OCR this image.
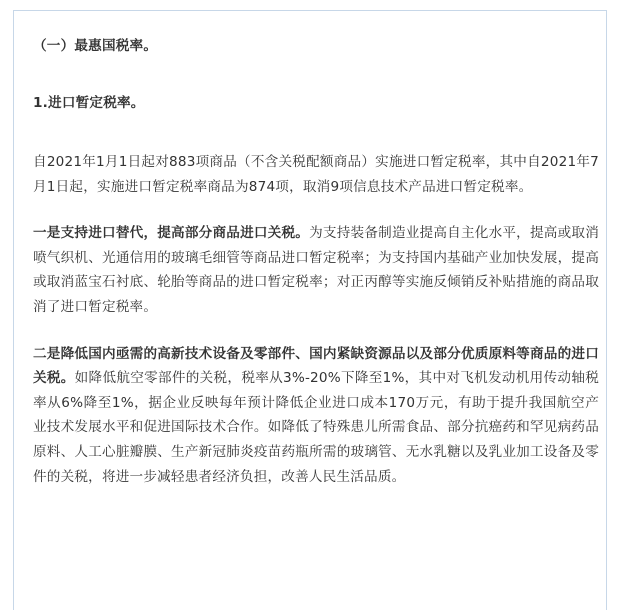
（一）最惠国税率。

1.进口暂定税率。

自2021年1月1日起对883项商品（不含关税配额商品）实施进口暂定税率，其中自2021年7月1日起，实施进口暂定税率商品为874项，取消9项信息技术产品进口暂定税率。

一是支持进口替代，提高部分商品进口关税。为支持装备制造业提高自主化水平，提高或取消喷气织机、光通信用的玻璃毛细管等商品进口暂定税率；为支持国内基础产业加快发展，提高或取消蓝宝石衬底、轮胎等商品的进口暂定税率；对正丙醇等实施反倾销反补贴措施的商品取消了进口暂定税率。

二是降低国内亟需的高新技术设备及零部件、国内紧缺资源品以及部分优质原料等商品的进口关税。如降低航空零部件的关税，税率从3%-20%下降至1%，其中对飞机发动机用传动轴税率从6%降至1%，据企业反映每年预计降低企业进口成本170万元，有助于提升我国航空产业技术发展水平和促进国际技术合作。如降低了特殊患儿所需食品、部分抗癌药和罕见病药品原料、人工心脏瓣膜、生产新冠肺炎疫苗药瓶所需的玻璃管、无水乳糖以及乳业加工设备及零件的关税，将进一步减轻患者经济负担，改善人民生活品质。
